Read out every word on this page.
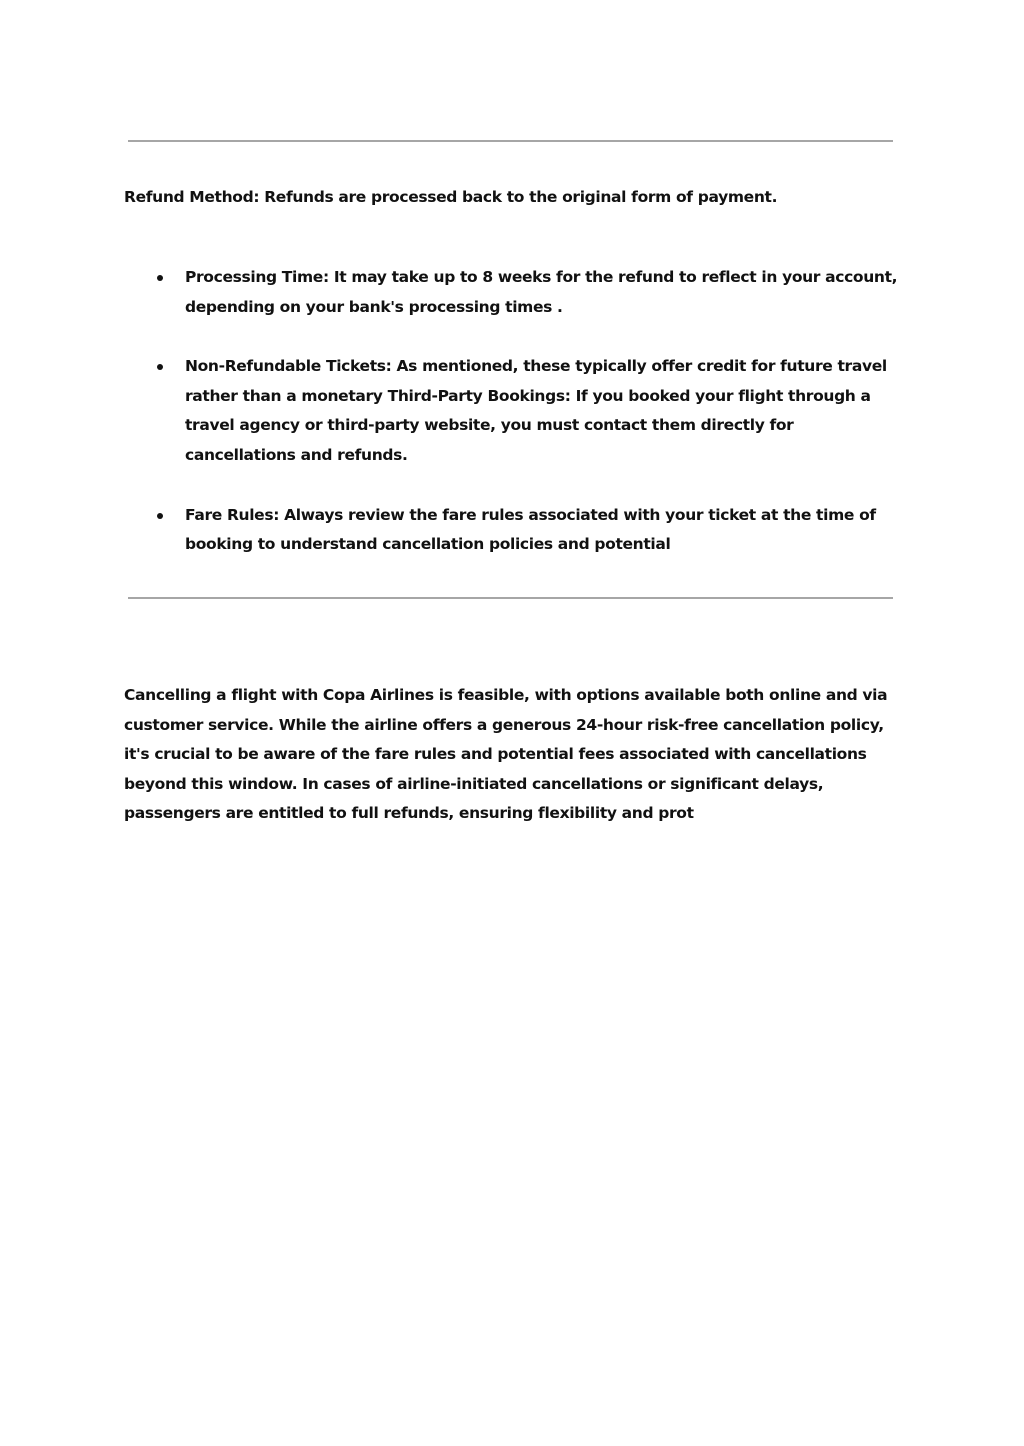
Refund Method: Refunds are processed back to the original form of payment.

Processing Time: It may take up to 8 weeks for the refund to reflect in your account, depending on your bank's processing times .
Non-Refundable Tickets: As mentioned, these typically offer credit for future travel rather than a monetary Third-Party Bookings: If you booked your flight through a travel agency or third-party website, you must contact them directly for cancellations and refunds.
Fare Rules: Always review the fare rules associated with your ticket at the time of booking to understand cancellation policies and potential

Cancelling a flight with Copa Airlines is feasible, with options available both online and via customer service. While the airline offers a generous 24-hour risk-free cancellation policy, it's crucial to be aware of the fare rules and potential fees associated with cancellations beyond this window. In cases of airline-initiated cancellations or significant delays, passengers are entitled to full refunds, ensuring flexibility and prot
